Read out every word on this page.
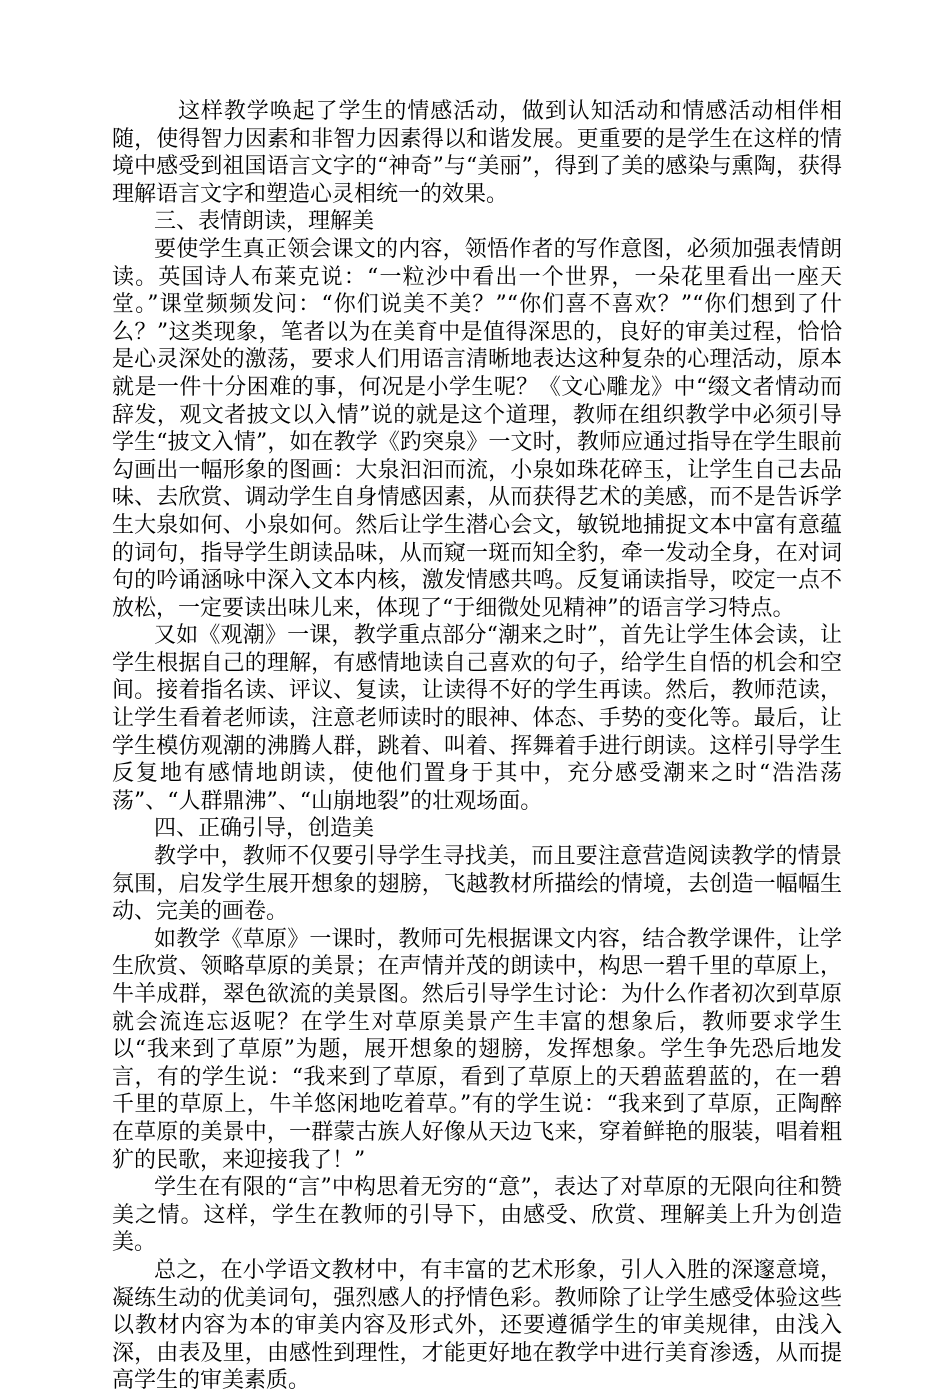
这样教学唤起了学生的情感活动，做到认知活动和情感活动相伴相随，使得智力因素和非智力因素得以和谐发展。更重要的是学生在这样的情境中感受到祖国语言文字的“神奇”与“美丽”，得到了美的感染与熏陶，获得理解语言文字和塑造心灵相统一的效果。

三、表情朗读，理解美

要使学生真正领会课文的内容，领悟作者的写作意图，必须加强表情朗读。英国诗人布莱克说：“一粒沙中看出一个世界，一朵花里看出一座天堂。”课堂频频发问：“你们说美不美？”“你们喜不喜欢？”“你们想到了什么？”这类现象，笔者以为在美育中是值得深思的，良好的审美过程，恰恰是心灵深处的激荡，要求人们用语言清晰地表达这种复杂的心理活动，原本就是一件十分困难的事，何况是小学生呢？《文心雕龙》中“缀文者情动而辞发，观文者披文以入情”说的就是这个道理，教师在组织教学中必须引导学生“披文入情”，如在教学《趵突泉》一文时，教师应通过指导在学生眼前勾画出一幅形象的图画：大泉汩汩而流，小泉如珠花碎玉，让学生自己去品味、去欣赏、调动学生自身情感因素，从而获得艺术的美感，而不是告诉学生大泉如何、小泉如何。然后让学生潜心会文，敏锐地捕捉文本中富有意蕴的词句，指导学生朗读品味，从而窥一斑而知全豹，牵一发动全身，在对词句的吟诵涵咏中深入文本内核，激发情感共鸣。反复诵读指导，咬定一点不放松，一定要读出味儿来，体现了“于细微处见精神”的语言学习特点。

又如《观潮》一课，教学重点部分“潮来之时”，首先让学生体会读，让学生根据自己的理解，有感情地读自己喜欢的句子，给学生自悟的机会和空间。接着指名读、评议、复读，让读得不好的学生再读。然后，教师范读，让学生看着老师读，注意老师读时的眼神、体态、手势的变化等。最后，让学生模仿观潮的沸腾人群，跳着、叫着、挥舞着手进行朗读。这样引导学生反复地有感情地朗读，使他们置身于其中，充分感受潮来之时“浩浩荡荡”、“人群鼎沸”、“山崩地裂”的壮观场面。

四、正确引导，创造美

教学中，教师不仅要引导学生寻找美，而且要注意营造阅读教学的情景氛围，启发学生展开想象的翅膀，飞越教材所描绘的情境，去创造一幅幅生动、完美的画卷。

如教学《草原》一课时，教师可先根据课文内容，结合教学课件，让学生欣赏、领略草原的美景；在声情并茂的朗读中，构思一碧千里的草原上，牛羊成群，翠色欲流的美景图。然后引导学生讨论：为什么作者初次到草原就会流连忘返呢？在学生对草原美景产生丰富的想象后，教师要求学生以“我来到了草原”为题，展开想象的翅膀，发挥想象。学生争先恐后地发言，有的学生说：“我来到了草原，看到了草原上的天碧蓝碧蓝的，在一碧千里的草原上，牛羊悠闲地吃着草。”有的学生说：“我来到了草原，正陶醉在草原的美景中，一群蒙古族人好像从天边飞来，穿着鲜艳的服装，唱着粗犷的民歌，来迎接我了！”

学生在有限的“言”中构思着无穷的“意”，表达了对草原的无限向往和赞美之情。这样，学生在教师的引导下，由感受、欣赏、理解美上升为创造美。

总之，在小学语文教材中，有丰富的艺术形象，引人入胜的深邃意境，凝练生动的优美词句，强烈感人的抒情色彩。教师除了让学生感受体验这些以教材内容为本的审美内容及形式外，还要遵循学生的审美规律，由浅入深，由表及里，由感性到理性，才能更好地在教学中进行美育渗透，从而提高学生的审美素质。
